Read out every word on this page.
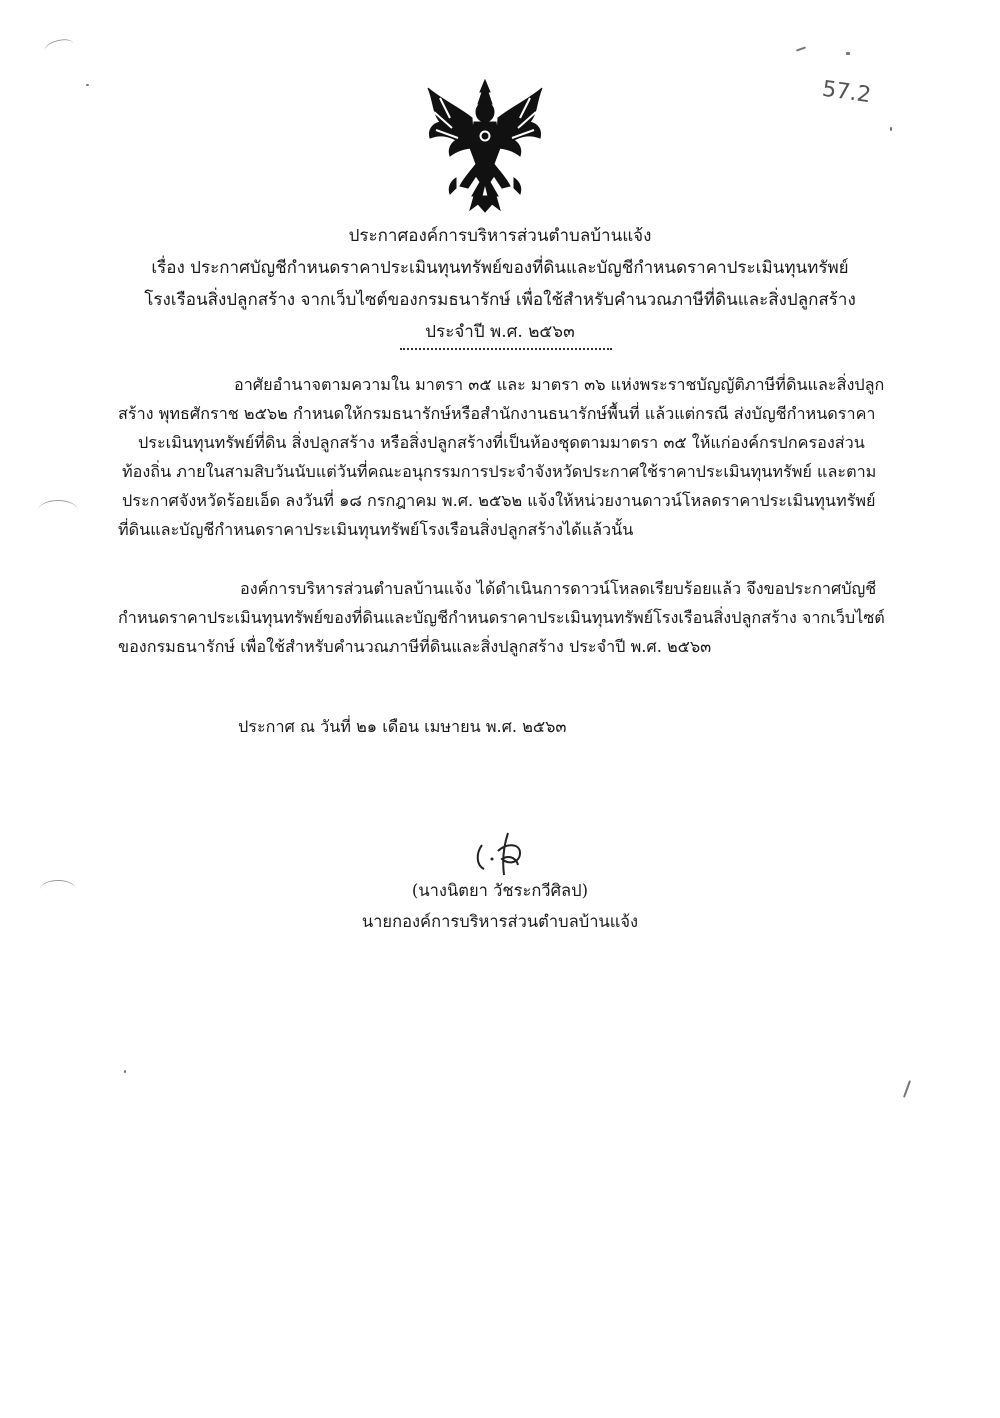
57.2
ประกาศองค์การบริหารส่วนตำบลบ้านแจ้ง
เรื่อง ประกาศบัญชีกำหนดราคาประเมินทุนทรัพย์ของที่ดินและบัญชีกำหนดราคาประเมินทุนทรัพย์
โรงเรือนสิ่งปลูกสร้าง จากเว็บไซต์ของกรมธนารักษ์ เพื่อใช้สำหรับคำนวณภาษีที่ดินและสิ่งปลูกสร้าง
ประจำปี พ.ศ. ๒๕๖๓
อาศัยอำนาจตามความใน มาตรา ๓๕ และ มาตรา ๓๖ แห่งพระราชบัญญัติภาษีที่ดินและสิ่งปลูก
สร้าง พุทธศักราช ๒๕๖๒ กำหนดให้กรมธนารักษ์หรือสำนักงานธนารักษ์พื้นที่ แล้วแต่กรณี ส่งบัญชีกำหนดราคา
ประเมินทุนทรัพย์ที่ดิน สิ่งปลูกสร้าง หรือสิ่งปลูกสร้างที่เป็นห้องชุดตามมาตรา ๓๕ ให้แก่องค์กรปกครองส่วน
ท้องถิ่น ภายในสามสิบวันนับแต่วันที่คณะอนุกรรมการประจำจังหวัดประกาศใช้ราคาประเมินทุนทรัพย์ และตาม
ประกาศจังหวัดร้อยเอ็ด ลงวันที่ ๑๘ กรกฎาคม พ.ศ. ๒๕๖๒ แจ้งให้หน่วยงานดาวน์โหลดราคาประเมินทุนทรัพย์
ที่ดินและบัญชีกำหนดราคาประเมินทุนทรัพย์โรงเรือนสิ่งปลูกสร้างได้แล้วนั้น
องค์การบริหารส่วนตำบลบ้านแจ้ง ได้ดำเนินการดาวน์โหลดเรียบร้อยแล้ว จึงขอประกาศบัญชี
กำหนดราคาประเมินทุนทรัพย์ของที่ดินและบัญชีกำหนดราคาประเมินทุนทรัพย์โรงเรือนสิ่งปลูกสร้าง จากเว็บไซต์
ของกรมธนารักษ์ เพื่อใช้สำหรับคำนวณภาษีที่ดินและสิ่งปลูกสร้าง ประจำปี พ.ศ. ๒๕๖๓
ประกาศ ณ วันที่ ๒๑ เดือน เมษายน พ.ศ. ๒๕๖๓
(นางนิตยา วัชระกวีศิลป)
นายกองค์การบริหารส่วนตำบลบ้านแจ้ง
